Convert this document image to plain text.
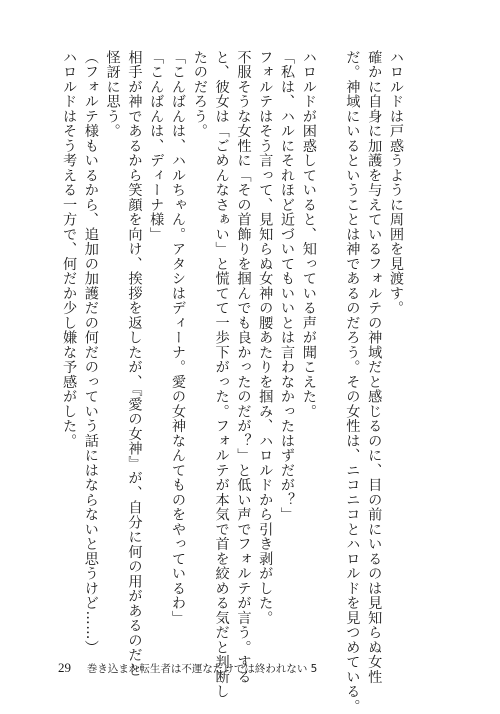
ハロルドは戸惑うように周囲を見渡す。
確かに自身に加護を与えているフォルテの神域だと感じるのに、目の前にいるのは見知らぬ女性
だ。神域にいるということは神であるのだろう。その女性は、ニコニコとハロルドを見つめている。
ハロルドが困惑していると、知っている声が聞こえた。
「私は、ハルにそれほど近づいてもいいとは言わなかったはずだが？」
フォルテはそう言って、見知らぬ女神の腰あたりを掴み、ハロルドから引き剥がした。
不服そうな女性に「その首飾りを掴んでも良かったのだが？」と低い声でフォルテが言う。する
と、彼女は「ごめんなさぁい」と慌てて一歩下がった。フォルテが本気で首を絞める気だと判断し
たのだろう。
「こんばんは、ハルちゃん。アタシはディーナ。愛の女神なんてものをやっているわ」
「こんばんは、ディーナ様」
相手が神であるから笑顔を向け、挨拶を返したが、『愛の女神』が、自分に何の用があるのだと
怪訝に思う。
（フォルテ様もいるから、追加の加護だの何だのっていう話にはならないと思うけど……）
ハロルドはそう考える一方で、何だか少し嫌な予感がした。
29 巻き込まれ転生者は不運なだけでは終われない 5
